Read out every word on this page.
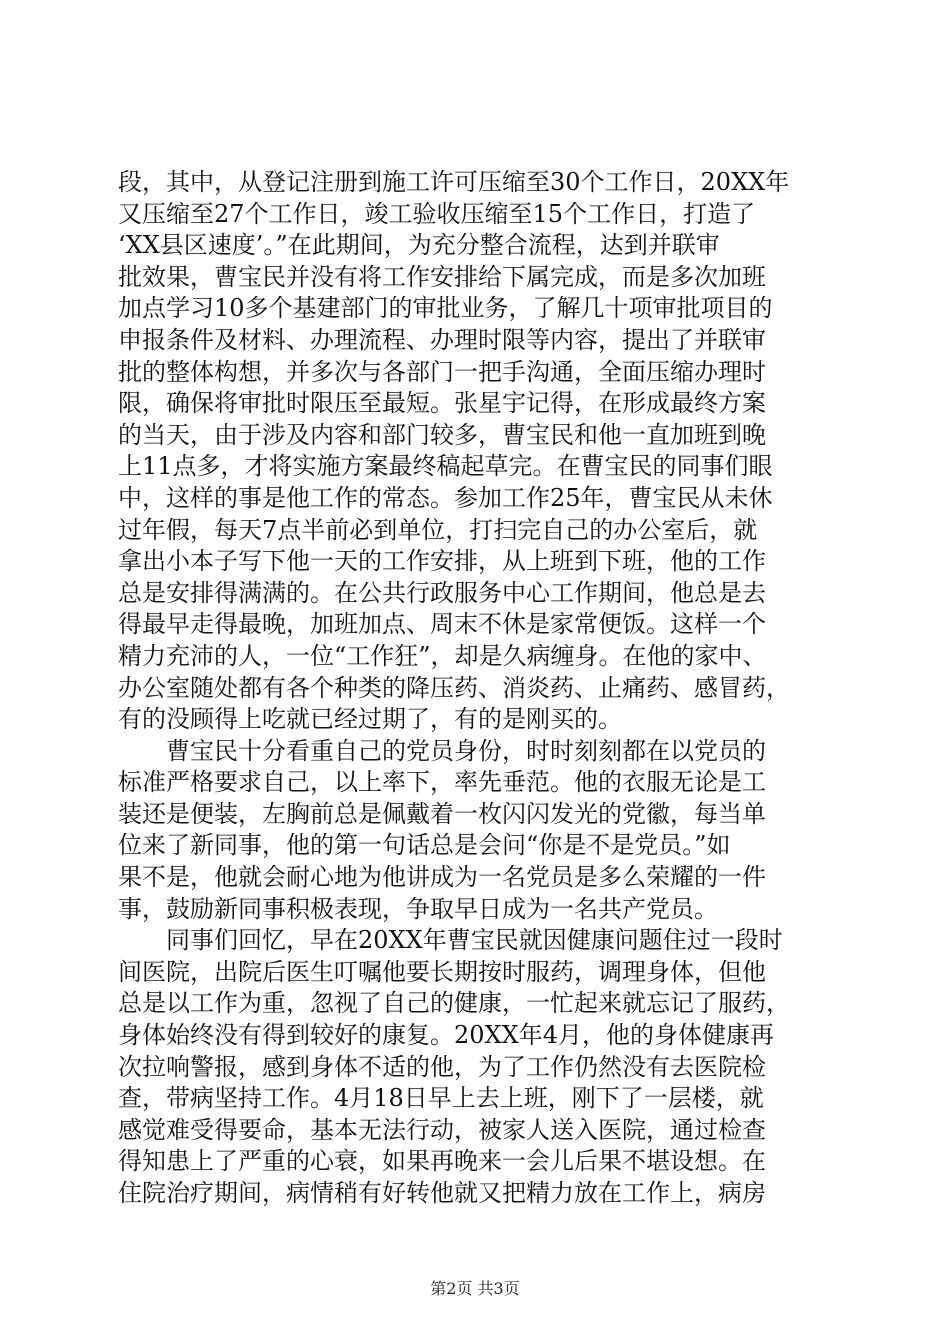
段，其中，从登记注册到施工许可压缩至30个工作日，20XX年
又压缩至27个工作日，竣工验收压缩至15个工作日，打造了
‘XX县区速度’。”在此期间，为充分整合流程，达到并联审
批效果，曹宝民并没有将工作安排给下属完成，而是多次加班
加点学习10多个基建部门的审批业务，了解几十项审批项目的
申报条件及材料、办理流程、办理时限等内容，提出了并联审
批的整体构想，并多次与各部门一把手沟通，全面压缩办理时
限，确保将审批时限压至最短。张星宇记得，在形成最终方案
的当天，由于涉及内容和部门较多，曹宝民和他一直加班到晚
上11点多，才将实施方案最终稿起草完。在曹宝民的同事们眼
中，这样的事是他工作的常态。参加工作25年，曹宝民从未休
过年假，每天7点半前必到单位，打扫完自己的办公室后，就
拿出小本子写下他一天的工作安排，从上班到下班，他的工作
总是安排得满满的。在公共行政服务中心工作期间，他总是去
得最早走得最晚，加班加点、周末不休是家常便饭。这样一个
精力充沛的人，一位“工作狂”，却是久病缠身。在他的家中、
办公室随处都有各个种类的降压药、消炎药、止痛药、感冒药，
有的没顾得上吃就已经过期了，有的是刚买的。
曹宝民十分看重自己的党员身份，时时刻刻都在以党员的
标准严格要求自己，以上率下，率先垂范。他的衣服无论是工
装还是便装，左胸前总是佩戴着一枚闪闪发光的党徽，每当单
位来了新同事，他的第一句话总是会问“你是不是党员。”如
果不是，他就会耐心地为他讲成为一名党员是多么荣耀的一件
事，鼓励新同事积极表现，争取早日成为一名共产党员。
同事们回忆，早在20XX年曹宝民就因健康问题住过一段时
间医院，出院后医生叮嘱他要长期按时服药，调理身体，但他
总是以工作为重，忽视了自己的健康，一忙起来就忘记了服药，
身体始终没有得到较好的康复。20XX年4月，他的身体健康再
次拉响警报，感到身体不适的他，为了工作仍然没有去医院检
查，带病坚持工作。4月18日早上去上班，刚下了一层楼，就
感觉难受得要命，基本无法行动，被家人送入医院，通过检查
得知患上了严重的心衰，如果再晚来一会儿后果不堪设想。在
住院治疗期间，病情稍有好转他就又把精力放在工作上，病房
第2页 共3页
